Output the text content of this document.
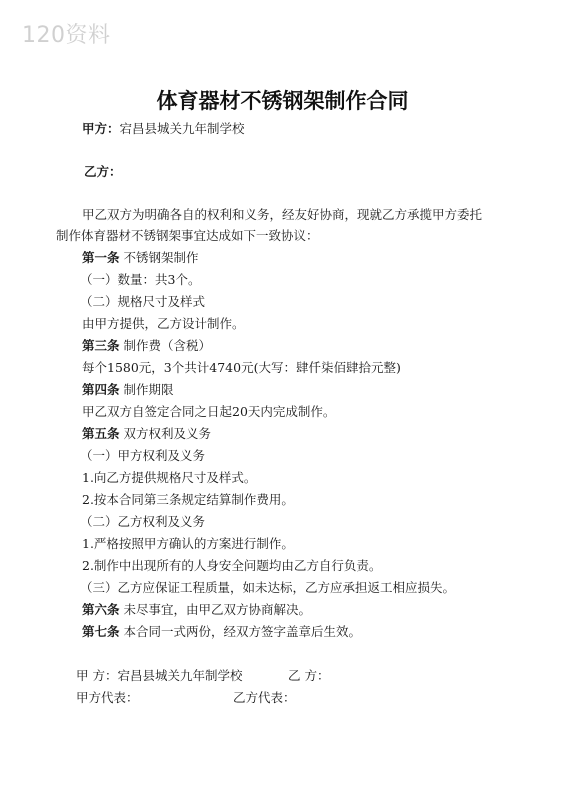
120资料
体育器材不锈钢架制作合同
甲方：宕昌县城关九年制学校
乙方：
甲乙双方为明确各自的权利和义务，经友好协商，现就乙方承揽甲方委托
制作体育器材不锈钢架事宜达成如下一致协议：
第一条 不锈钢架制作
（一）数量：共3个。
（二）规格尺寸及样式
由甲方提供，乙方设计制作。
第三条 制作费（含税）
每个1580元，3个共计4740元(大写：肆仟柒佰肆拾元整)
第四条 制作期限
甲乙双方自签定合同之日起20天内完成制作。
第五条 双方权利及义务
（一）甲方权利及义务
1.向乙方提供规格尺寸及样式。
2.按本合同第三条规定结算制作费用。
（二）乙方权利及义务
1.严格按照甲方确认的方案进行制作。
2.制作中出现所有的人身安全问题均由乙方自行负责。
（三）乙方应保证工程质量，如未达标，乙方应承担返工相应损失。
第六条 未尽事宜，由甲乙双方协商解决。
第七条 本合同一式两份，经双方签字盖章后生效。
甲 方：宕昌县城关九年制学校	乙 方：
甲方代表：	乙方代表：
